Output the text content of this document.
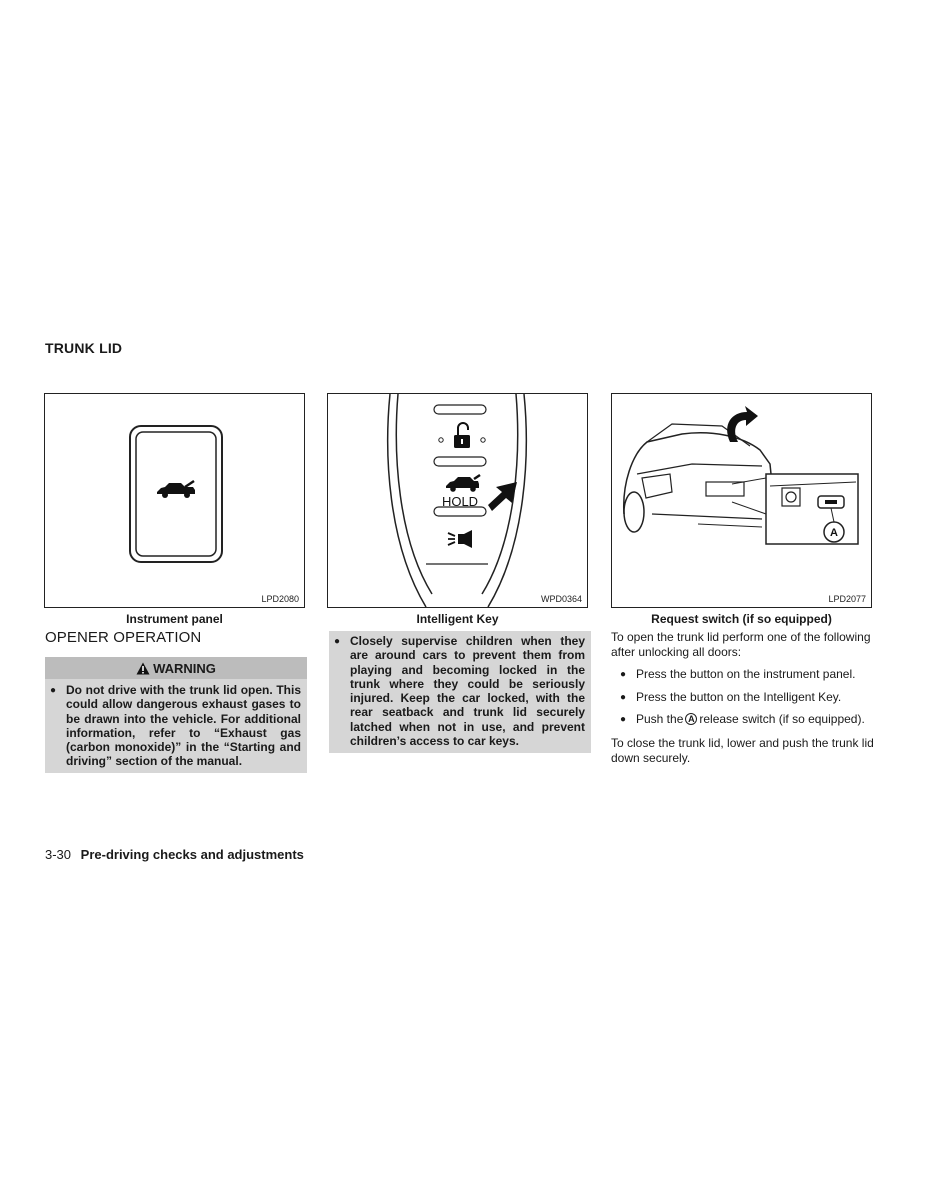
TRUNK LID
LPD2080
Instrument panel
HOLD
WPD0364
Intelligent Key
A
LPD2077
Request switch (if so equipped)
OPENER OPERATION
WARNING
● Do not drive with the trunk lid open. This could allow dangerous exhaust gases to be drawn into the vehicle. For additional information, refer to “Exhaust gas (carbon monoxide)” in the “Starting and driving” section of the manual.
● Closely supervise children when they are around cars to prevent them from playing and becoming locked in the trunk where they could be seriously injured. Keep the car locked, with the rear seatback and trunk lid securely latched when not in use, and prevent children’s access to car keys.
To open the trunk lid perform one of the following after unlocking all doors:
● Press the button on the instrument panel.
● Press the button on the Intelligent Key.
● Push the A release switch (if so equipped).
To close the trunk lid, lower and push the trunk lid down securely.
3-30 Pre-driving checks and adjustments
